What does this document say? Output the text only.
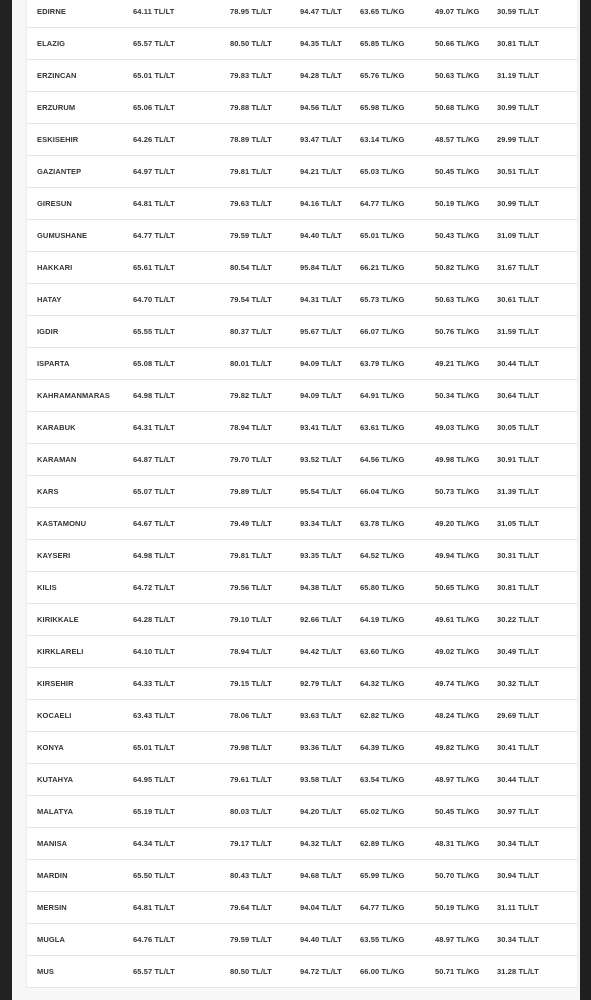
EDIRNE	64.11 TL/LT	78.95 TL/LT	94.47 TL/LT 63.65 TL/KG	49.07 TL/KG 30.59 TL/LT
ELAZIG	65.57 TL/LT	80.50 TL/LT	94.35 TL/LT 65.85 TL/KG	50.66 TL/KG 30.81 TL/LT
ERZINCAN	65.01 TL/LT	79.83 TL/LT	94.28 TL/LT 65.76 TL/KG	50.63 TL/KG 31.19 TL/LT
ERZURUM	65.06 TL/LT	79.88 TL/LT	94.56 TL/LT 65.98 TL/KG	50.68 TL/KG 30.99 TL/LT
ESKISEHIR	64.26 TL/LT	78.89 TL/LT	93.47 TL/LT 63.14 TL/KG	48.57 TL/KG 29.99 TL/LT
GAZIANTEP	64.97 TL/LT	79.81 TL/LT	94.21 TL/LT 65.03 TL/KG	50.45 TL/KG 30.51 TL/LT
GIRESUN	64.81 TL/LT	79.63 TL/LT	94.16 TL/LT 64.77 TL/KG	50.19 TL/KG 30.99 TL/LT
GUMUSHANE	64.77 TL/LT	79.59 TL/LT	94.40 TL/LT 65.01 TL/KG	50.43 TL/KG 31.09 TL/LT
HAKKARI	65.61 TL/LT	80.54 TL/LT	95.84 TL/LT 66.21 TL/KG	50.82 TL/KG 31.67 TL/LT
HATAY	64.70 TL/LT	79.54 TL/LT	94.31 TL/LT 65.73 TL/KG	50.63 TL/KG 30.61 TL/LT
IGDIR	65.55 TL/LT	80.37 TL/LT	95.67 TL/LT 66.07 TL/KG	50.76 TL/KG 31.59 TL/LT
ISPARTA	65.08 TL/LT	80.01 TL/LT	94.09 TL/LT 63.79 TL/KG	49.21 TL/KG 30.44 TL/LT
KAHRAMANMARAS	64.98 TL/LT	79.82 TL/LT	94.09 TL/LT 64.91 TL/KG	50.34 TL/KG 30.64 TL/LT
KARABUK	64.31 TL/LT	78.94 TL/LT	93.41 TL/LT 63.61 TL/KG	49.03 TL/KG 30.05 TL/LT
KARAMAN	64.87 TL/LT	79.70 TL/LT	93.52 TL/LT 64.56 TL/KG	49.98 TL/KG 30.91 TL/LT
KARS	65.07 TL/LT	79.89 TL/LT	95.54 TL/LT 66.04 TL/KG	50.73 TL/KG 31.39 TL/LT
KASTAMONU	64.67 TL/LT	79.49 TL/LT	93.34 TL/LT 63.78 TL/KG	49.20 TL/KG 31.05 TL/LT
KAYSERI	64.98 TL/LT	79.81 TL/LT	93.35 TL/LT 64.52 TL/KG	49.94 TL/KG 30.31 TL/LT
KILIS	64.72 TL/LT	79.56 TL/LT	94.38 TL/LT 65.80 TL/KG	50.65 TL/KG 30.81 TL/LT
KIRIKKALE	64.28 TL/LT	79.10 TL/LT	92.66 TL/LT 64.19 TL/KG	49.61 TL/KG 30.22 TL/LT
KIRKLARELI	64.10 TL/LT	78.94 TL/LT	94.42 TL/LT 63.60 TL/KG	49.02 TL/KG 30.49 TL/LT
KIRSEHIR	64.33 TL/LT	79.15 TL/LT	92.79 TL/LT 64.32 TL/KG	49.74 TL/KG 30.32 TL/LT
KOCAELI	63.43 TL/LT	78.06 TL/LT	93.63 TL/LT 62.82 TL/KG	48.24 TL/KG 29.69 TL/LT
KONYA	65.01 TL/LT	79.98 TL/LT	93.36 TL/LT 64.39 TL/KG	49.82 TL/KG 30.41 TL/LT
KUTAHYA	64.95 TL/LT	79.61 TL/LT	93.58 TL/LT 63.54 TL/KG	48.97 TL/KG 30.44 TL/LT
MALATYA	65.19 TL/LT	80.03 TL/LT	94.20 TL/LT 65.02 TL/KG	50.45 TL/KG 30.97 TL/LT
MANISA	64.34 TL/LT	79.17 TL/LT	94.32 TL/LT 62.89 TL/KG	48.31 TL/KG 30.34 TL/LT
MARDIN	65.50 TL/LT	80.43 TL/LT	94.68 TL/LT 65.99 TL/KG	50.70 TL/KG 30.94 TL/LT
MERSIN	64.81 TL/LT	79.64 TL/LT	94.04 TL/LT 64.77 TL/KG	50.19 TL/KG 31.11 TL/LT
MUGLA	64.76 TL/LT	79.59 TL/LT	94.40 TL/LT 63.55 TL/KG	48.97 TL/KG 30.34 TL/LT
MUS	65.57 TL/LT	80.50 TL/LT	94.72 TL/LT 66.00 TL/KG	50.71 TL/KG 31.28 TL/LT
